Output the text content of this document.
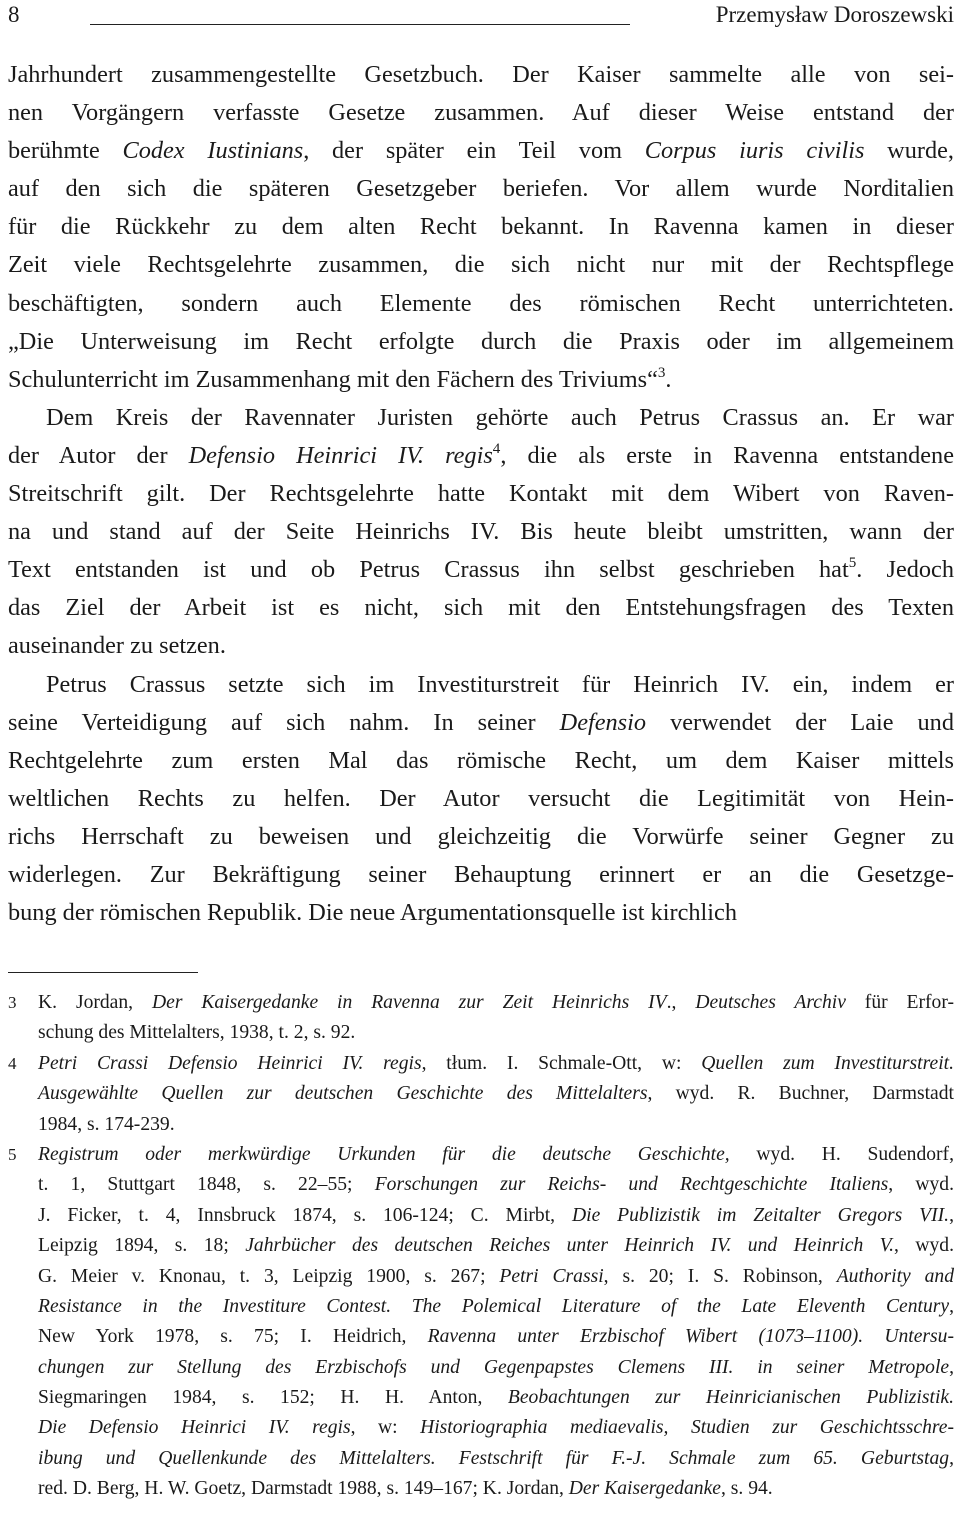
8	Przemysław Doroszewski
Jahrhundert zusammengestellte Gesetzbuch. Der Kaiser sammelte alle von sei-
nen Vorgängern verfasste Gesetze zusammen. Auf dieser Weise entstand der
berühmte Codex Iustinians, der später ein Teil vom Corpus iuris civilis wurde,
auf den sich die späteren Gesetzgeber beriefen. Vor allem wurde Norditalien
für die Rückkehr zu dem alten Recht bekannt. In Ravenna kamen in dieser
Zeit viele Rechtsgelehrte zusammen, die sich nicht nur mit der Rechtspflege
beschäftigten, sondern auch Elemente des römischen Recht unterrichteten.
„Die Unterweisung im Recht erfolgte durch die Praxis oder im allgemeinem
Schulunterricht im Zusammenhang mit den Fächern des Triviums“$^3$.
Dem Kreis der Ravennater Juristen gehörte auch Petrus Crassus an. Er war
der Autor der Defensio Heinrici IV. regis$^4$, die als erste in Ravenna entstandene
Streitschrift gilt. Der Rechtsgelehrte hatte Kontakt mit dem Wibert von Raven-
na und stand auf der Seite Heinrichs IV. Bis heute bleibt umstritten, wann der
Text entstanden ist und ob Petrus Crassus ihn selbst geschrieben hat$^5$. Jedoch
das Ziel der Arbeit ist es nicht, sich mit den Entstehungsfragen des Texten
auseinander zu setzen.
Petrus Crassus setzte sich im Investiturstreit für Heinrich IV. ein, indem er
seine Verteidigung auf sich nahm. In seiner Defensio verwendet der Laie und
Rechtgelehrte zum ersten Mal das römische Recht, um dem Kaiser mittels
weltlichen Rechts zu helfen. Der Autor versucht die Legitimität von Hein-
richs Herrschaft zu beweisen und gleichzeitig die Vorwürfe seiner Gegner zu
widerlegen. Zur Bekräftigung seiner Behauptung erinnert er an die Gesetzge-
bung der römischen Republik. Die neue Argumentationsquelle ist kirchlich
3 K. Jordan, Der Kaisergedanke in Ravenna zur Zeit Heinrichs IV., Deutsches Archiv für Erfor-
schung des Mittelalters, 1938, t. 2, s. 92.
4 Petri Crassi Defensio Heinrici IV. regis, tłum. I. Schmale-Ott, w: Quellen zum Investiturstreit.
Ausgewählte Quellen zur deutschen Geschichte des Mittelalters, wyd. R. Buchner, Darmstadt
1984, s. 174-239.
5 Registrum oder merkwürdige Urkunden für die deutsche Geschichte, wyd. H. Sudendorf,
t. 1, Stuttgart 1848, s. 22–55; Forschungen zur Reichs- und Rechtgeschichte Italiens, wyd.
J. Ficker, t. 4, Innsbruck 1874, s. 106-124; C. Mirbt, Die Publizistik im Zeitalter Gregors VII.,
Leipzig 1894, s. 18; Jahrbücher des deutschen Reiches unter Heinrich IV. und Heinrich V., wyd.
G. Meier v. Knonau, t. 3, Leipzig 1900, s. 267; Petri Crassi, s. 20; I. S. Robinson, Authority and
Resistance in the Investiture Contest. The Polemical Literature of the Late Eleventh Century,
New York 1978, s. 75; I. Heidrich, Ravenna unter Erzbischof Wibert (1073–1100). Untersu-
chungen zur Stellung des Erzbischofs und Gegenpapstes Clemens III. in seiner Metropole,
Siegmaringen 1984, s. 152; H. H. Anton, Beobachtungen zur Heinricianischen Publizistik.
Die Defensio Heinrici IV. regis, w: Historiographia mediaevalis, Studien zur Geschichtsschre-
ibung und Quellenkunde des Mittelalters. Festschrift für F.-J. Schmale zum 65. Geburtstag,
red. D. Berg, H. W. Goetz, Darmstadt 1988, s. 149–167; K. Jordan, Der Kaisergedanke, s. 94.
